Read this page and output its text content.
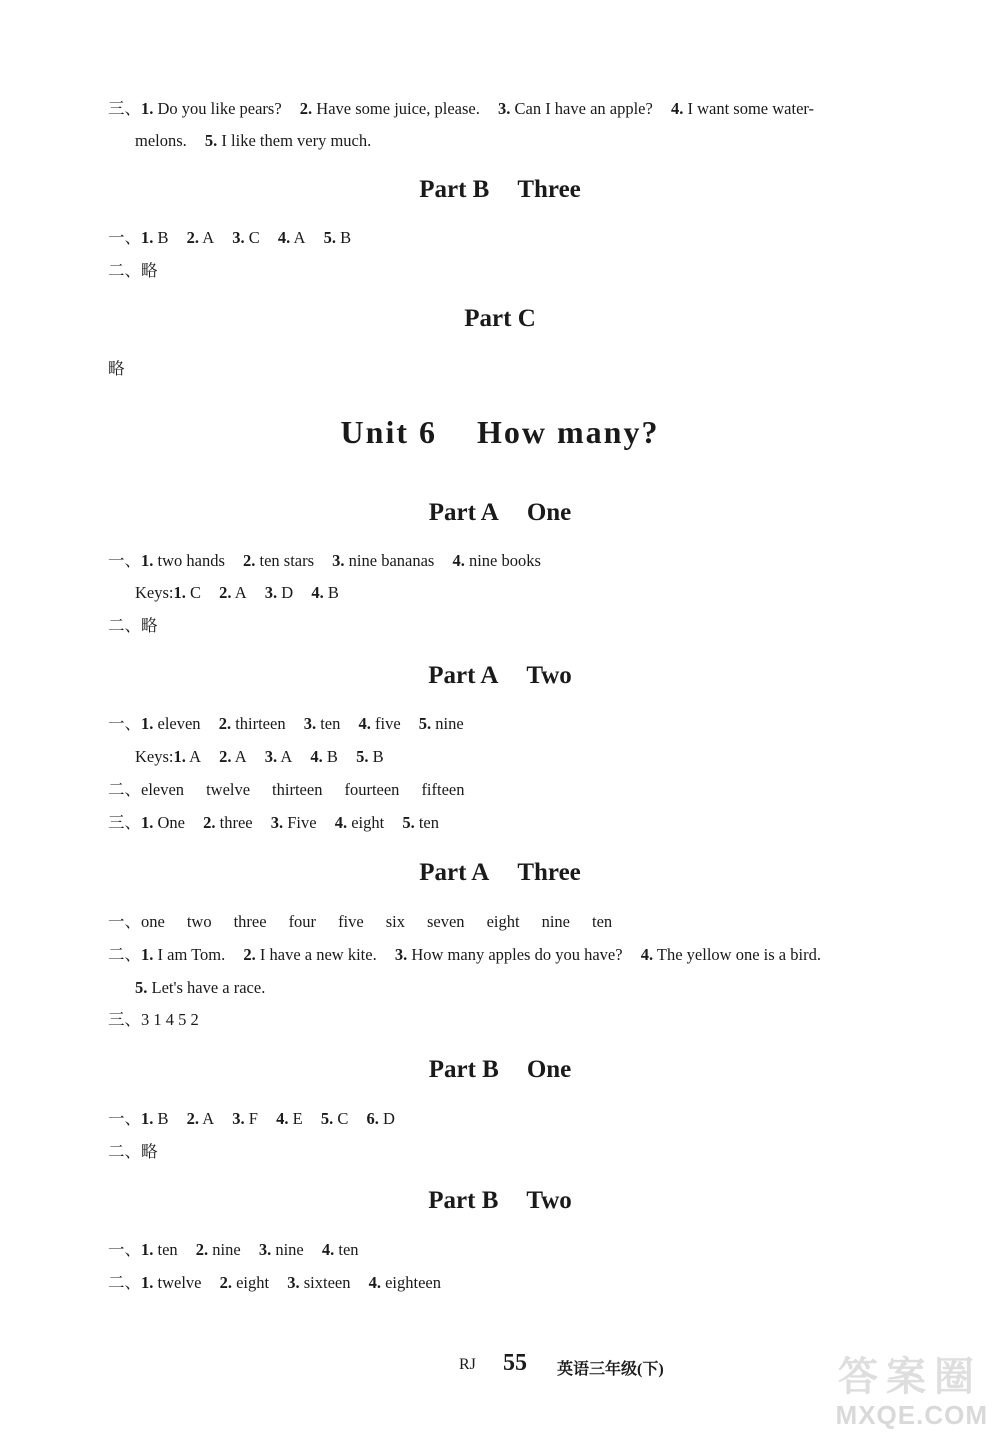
三、1. Do you like pears? 2. Have some juice, please. 3. Can I have an apple? 4. I want some water-
melons. 5. I like them very much.
Part B Three
一、1. B 2. A 3. C 4. A 5. B
二、略
Part C
略
Unit 6 How many?
Part A One
一、1. two hands 2. ten stars 3. nine bananas 4. nine books
Keys:1. C 2. A 3. D 4. B
二、略
Part A Two
一、1. eleven 2. thirteen 3. ten 4. five 5. nine
Keys:1. A 2. A 3. A 4. B 5. B
二、eleven twelve thirteen fourteen fifteen
三、1. One 2. three 3. Five 4. eight 5. ten
Part A Three
一、one two three four five six seven eight nine ten
二、1. I am Tom. 2. I have a new kite. 3. How many apples do you have? 4. The yellow one is a bird.
5. Let's have a race.
三、3 1 4 5 2
Part B One
一、1. B 2. A 3. F 4. E 5. C 6. D
二、略
Part B Two
一、1. ten 2. nine 3. nine 4. ten
二、1. twelve 2. eight 3. sixteen 4. eighteen
RJ 55 英语三年级(下)	答案圈
MXQE.COM
